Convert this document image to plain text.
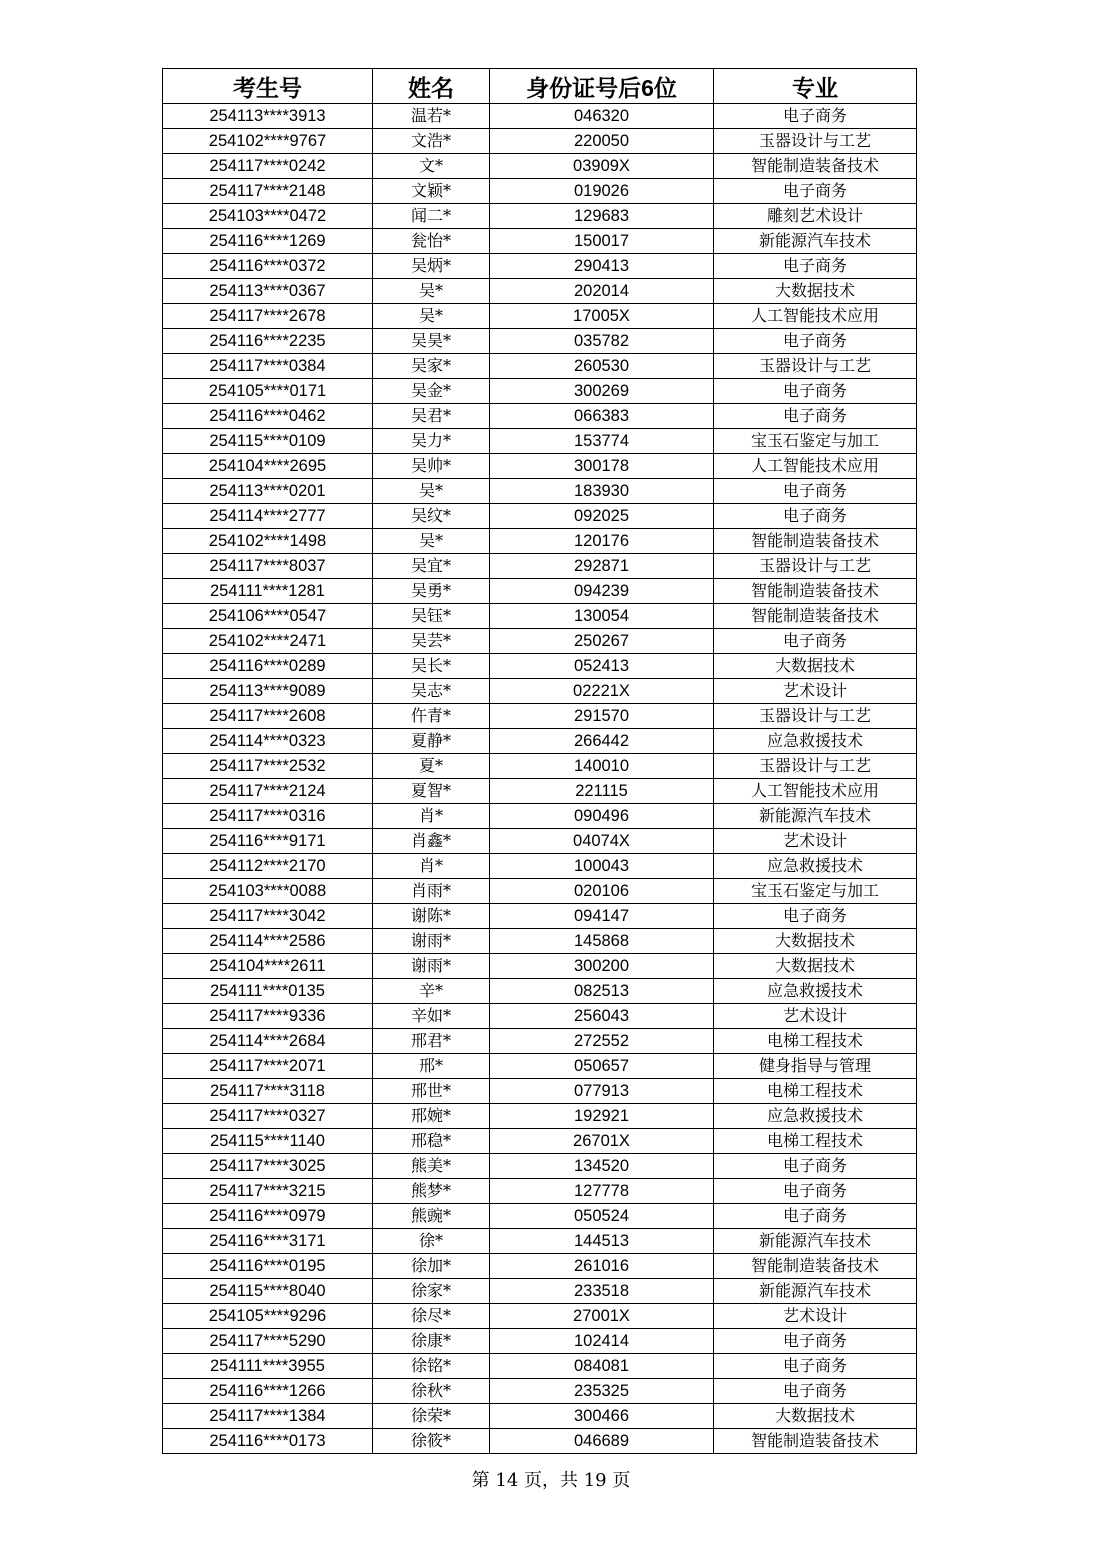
考生号	姓名	身份证号后6位	专业
254113****3913	温若*	046320	电子商务
254102****9767	文浩*	220050	玉器设计与工艺
254117****0242	文*	03909X	智能制造装备技术
254117****2148	文颖*	019026	电子商务
254103****0472	闻二*	129683	雕刻艺术设计
254116****1269	瓮怡*	150017	新能源汽车技术
254116****0372	吴炳*	290413	电子商务
254113****0367	吴*	202014	大数据技术
254117****2678	吴*	17005X	人工智能技术应用
254116****2235	吴昊*	035782	电子商务
254117****0384	吴家*	260530	玉器设计与工艺
254105****0171	吴金*	300269	电子商务
254116****0462	吴君*	066383	电子商务
254115****0109	吴力*	153774	宝玉石鉴定与加工
254104****2695	吴帅*	300178	人工智能技术应用
254113****0201	吴*	183930	电子商务
254114****2777	吴纹*	092025	电子商务
254102****1498	吴*	120176	智能制造装备技术
254117****8037	吴宜*	292871	玉器设计与工艺
254111****1281	吴勇*	094239	智能制造装备技术
254106****0547	吴钰*	130054	智能制造装备技术
254102****2471	吴芸*	250267	电子商务
254116****0289	吴长*	052413	大数据技术
254113****9089	吴志*	02221X	艺术设计
254117****2608	仵青*	291570	玉器设计与工艺
254114****0323	夏静*	266442	应急救援技术
254117****2532	夏*	140010	玉器设计与工艺
254117****2124	夏智*	221115	人工智能技术应用
254117****0316	肖*	090496	新能源汽车技术
254116****9171	肖鑫*	04074X	艺术设计
254112****2170	肖*	100043	应急救援技术
254103****0088	肖雨*	020106	宝玉石鉴定与加工
254117****3042	谢陈*	094147	电子商务
254114****2586	谢雨*	145868	大数据技术
254104****2611	谢雨*	300200	大数据技术
254111****0135	辛*	082513	应急救援技术
254117****9336	辛如*	256043	艺术设计
254114****2684	邢君*	272552	电梯工程技术
254117****2071	邢*	050657	健身指导与管理
254117****3118	邢世*	077913	电梯工程技术
254117****0327	邢婉*	192921	应急救援技术
254115****1140	邢稳*	26701X	电梯工程技术
254117****3025	熊美*	134520	电子商务
254117****3215	熊梦*	127778	电子商务
254116****0979	熊豌*	050524	电子商务
254116****3171	徐*	144513	新能源汽车技术
254116****0195	徐加*	261016	智能制造装备技术
254115****8040	徐家*	233518	新能源汽车技术
254105****9296	徐尽*	27001X	艺术设计
254117****5290	徐康*	102414	电子商务
254111****3955	徐铭*	084081	电子商务
254116****1266	徐秋*	235325	电子商务
254117****1384	徐荣*	300466	大数据技术
254116****0173	徐筱*	046689	智能制造装备技术
第 14 页，共 19 页
